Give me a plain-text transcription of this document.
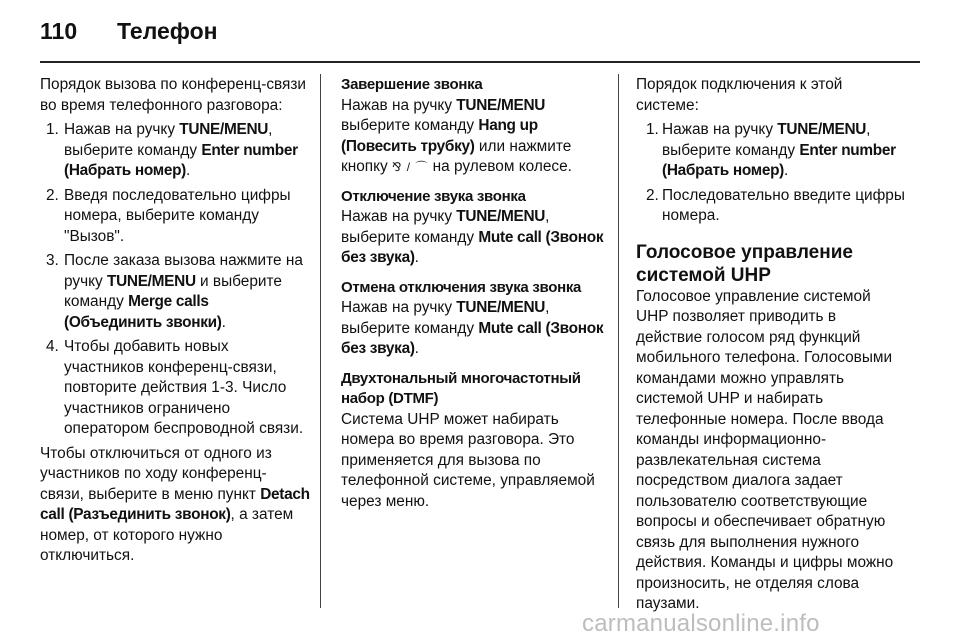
110	Телефон

Порядок вызова по конференц-связи во время телефонного разговора:

1. Нажав на ручку TUNE/MENU, выберите команду Enter number (Набрать номер).
2. Введя последовательно цифры номера, выберите команду "Вызов".
3. После заказа вызова нажмите на ручку TUNE/MENU и выберите команду Merge calls (Объединить звонки).
4. Чтобы добавить новых участников конференц-связи, повторите действия 1-3. Число участников ограничено оператором беспроводной связи.

Чтобы отключиться от одного из участников по ходу конференц-связи, выберите в меню пункт Detach call (Разъединить звонок), а затем номер, от которого нужно отключиться.

Завершение звонка

Нажав на ручку TUNE/MENU выберите команду Hang up (Повесить трубку) или нажмите кнопку ⅋ / ⌒ на рулевом колесе.

Отключение звука звонка

Нажав на ручку TUNE/MENU, выберите команду Mute call (Звонок без звука).

Отмена отключения звука звонка

Нажав на ручку TUNE/MENU, выберите команду Mute call (Звонок без звука).

Двухтональный многочастотный набор (DTMF)

Система UHP может набирать номера во время разговора. Это применяется для вызова по телефонной системе, управляемой через меню.

Порядок подключения к этой системе:

1. Нажав на ручку TUNE/MENU, выберите команду Enter number (Набрать номер).
2. Последовательно введите цифры номера.
Голосовое управление системой UHP

Голосовое управление системой UHP позволяет приводить в действие голосом ряд функций мобильного телефона. Голосовыми командами можно управлять системой UHP и набирать телефонные номера. После ввода команды информационно-развлекательная система посредством диалога задает пользователю соответствующие вопросы и обеспечивает обратную связь для выполнения нужного действия. Команды и цифры можно произносить, не отделяя слова паузами.

carmanualsonline.info
